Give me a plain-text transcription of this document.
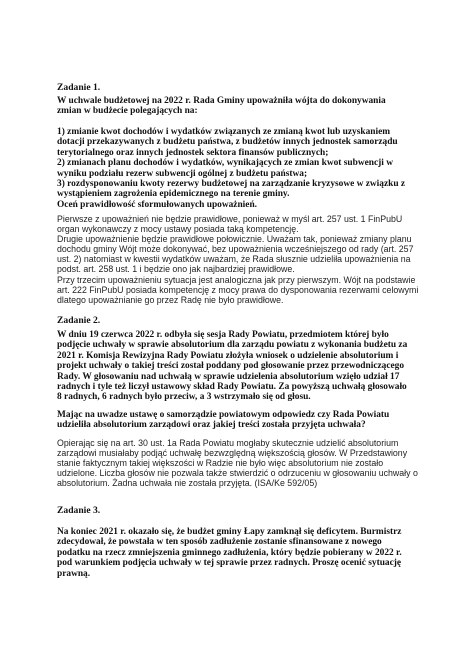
Zadanie 1.
W uchwale budżetowej na 2022 r. Rada Gminy upoważniła wójta do dokonywania
zmian w budżecie polegających na:
1) zmianie kwot dochodów i wydatków związanych ze zmianą kwot lub uzyskaniem
dotacji przekazywanych z budżetu państwa, z budżetów innych jednostek samorządu
terytorialnego oraz innych jednostek sektora finansów publicznych;
2) zmianach planu dochodów i wydatków, wynikających ze zmian kwot subwencji w
wyniku podziału rezerw subwencji ogólnej z budżetu państwa;
3) rozdysponowaniu kwoty rezerwy budżetowej na zarządzanie kryzysowe w związku z
wystąpieniem zagrożenia epidemicznego na terenie gminy.
Oceń prawidłowość sformułowanych upoważnień.
Pierwsze z upoważnień nie będzie prawidłowe, ponieważ w myśl art. 257 ust. 1 FinPubU
organ wykonawczy z mocy ustawy posiada taką kompetencję.
Drugie upoważnienie będzie prawidłowe połowicznie. Uważam tak, ponieważ zmiany planu
dochodu gminy Wójt może dokonywać, bez upoważnienia wcześniejszego od rady (art. 257
ust. 2) natomiast w kwestii wydatków uważam, że Rada słusznie udzieliła upoważnienia na
podst. art. 258 ust. 1 i będzie ono jak najbardziej prawidłowe.
Przy trzecim upoważnieniu sytuacja jest analogiczna jak przy pierwszym. Wójt na podstawie
art. 222 FinPubU posiada kompetencję z mocy prawa do dysponowania rezerwami celowymi
dlatego upoważnianie go przez Radę nie było prawidłowe.
Zadanie 2.
W dniu 19 czerwca 2022 r. odbyła się sesja Rady Powiatu, przedmiotem której było
podjęcie uchwały w sprawie absolutorium dla zarządu powiatu z wykonania budżetu za
2021 r. Komisja Rewizyjna Rady Powiatu złożyła wniosek o udzielenie absolutorium i
projekt uchwały o takiej treści został poddany pod głosowanie przez przewodniczącego
Rady. W głosowaniu nad uchwałą w sprawie udzielenia absolutorium wzięło udział 17
radnych i tyle też liczył ustawowy skład Rady Powiatu. Za powyższą uchwałą głosowało
8 radnych, 6 radnych było przeciw, a 3 wstrzymało się od głosu.
Mając na uwadze ustawę o samorządzie powiatowym odpowiedz czy Rada Powiatu
udzieliła absolutorium zarządowi oraz jakiej treści została przyjęta uchwała?
Opierając się na art. 30 ust. 1a Rada Powiatu mogłaby skutecznie udzielić absolutorium
zarządowi musiałaby podjąć uchwałę bezwzględną większością głosów. W Przedstawiony
stanie faktycznym takiej większości w Radzie nie było więc absolutorium nie zostało
udzielone. Liczba głosów nie pozwala także stwierdzić o odrzuceniu w głosowaniu uchwały o
absolutorium. Żadna uchwała nie została przyjęta. (ISA/Ke 592/05)
Zadanie 3.
Na koniec 2021 r. okazało się, że budżet gminy Łapy zamknął się deficytem. Burmistrz
zdecydował, że powstała w ten sposób zadłużenie zostanie sfinansowane z nowego
podatku na rzecz zmniejszenia gminnego zadłużenia, który będzie pobierany w 2022 r.
pod warunkiem podjęcia uchwały w tej sprawie przez radnych. Proszę ocenić sytuację
prawną.
